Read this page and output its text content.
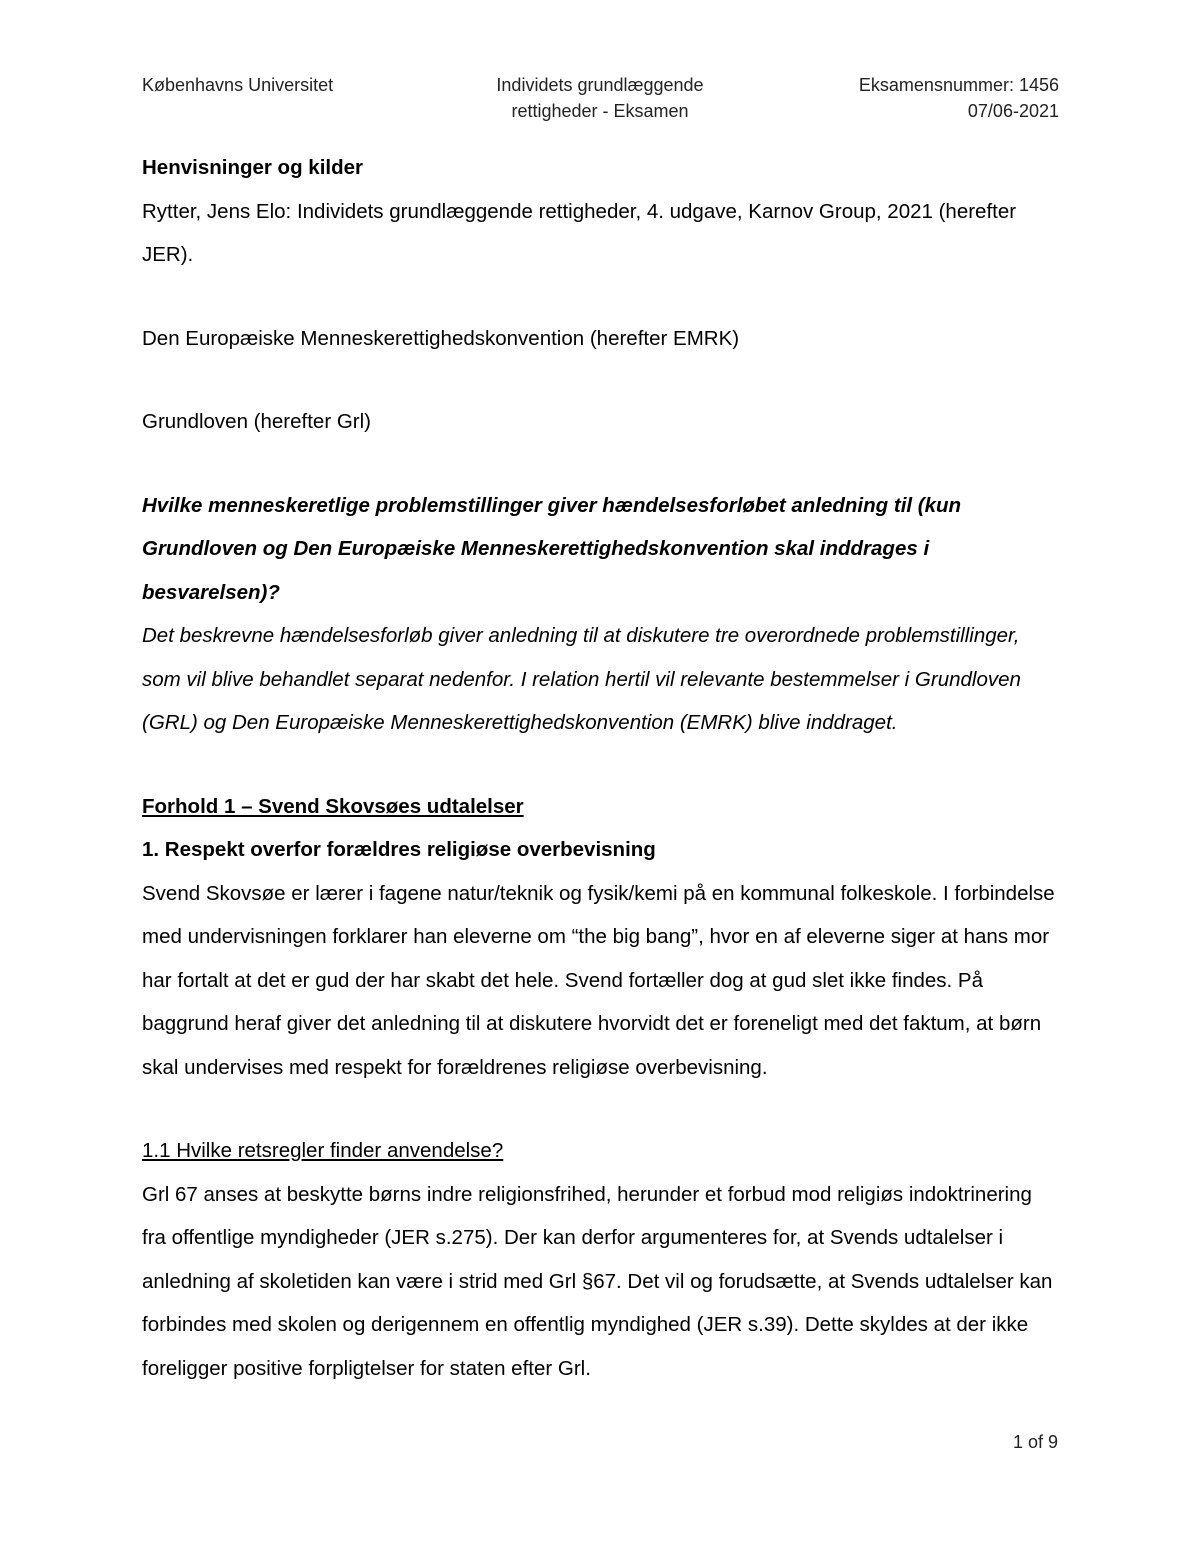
Københavns Universitet	Individets grundlæggende
rettigheder - Eksamen
Eksamensnummer: 1456
07/06-2021

Henvisninger og kilder

Rytter, Jens Elo: Individets grundlæggende rettigheder, 4. udgave, Karnov Group, 2021 (herefter JER).

Den Europæiske Menneskerettighedskonvention (herefter EMRK)

Grundloven (herefter Grl)

Hvilke menneskeretlige problemstillinger giver hændelsesforløbet anledning til (kun Grundloven og Den Europæiske Menneskerettighedskonvention skal inddrages i besvarelsen)?

Det beskrevne hændelsesforløb giver anledning til at diskutere tre overordnede problemstillinger, som vil blive behandlet separat nedenfor. I relation hertil vil relevante bestemmelser i Grundloven (GRL) og Den Europæiske Menneskerettighedskonvention (EMRK) blive inddraget.

Forhold 1 – Svend Skovsøes udtalelser

1. Respekt overfor forældres religiøse overbevisning

Svend Skovsøe er lærer i fagene natur/teknik og fysik/kemi på en kommunal folkeskole. I forbindelse med undervisningen forklarer han eleverne om “the big bang”, hvor en af eleverne siger at hans mor har fortalt at det er gud der har skabt det hele. Svend fortæller dog at gud slet ikke findes. På baggrund heraf giver det anledning til at diskutere hvorvidt det er foreneligt med det faktum, at børn skal undervises med respekt for forældrenes religiøse overbevisning.

1.1 Hvilke retsregler finder anvendelse?

Grl 67 anses at beskytte børns indre religionsfrihed, herunder et forbud mod religiøs indoktrinering fra offentlige myndigheder (JER s.275). Der kan derfor argumenteres for, at Svends udtalelser i anledning af skoletiden kan være i strid med Grl §67. Det vil og forudsætte, at Svends udtalelser kan forbindes med skolen og derigennem en offentlig myndighed (JER s.39). Dette skyldes at der ikke foreligger positive forpligtelser for staten efter Grl.

1 of 9
